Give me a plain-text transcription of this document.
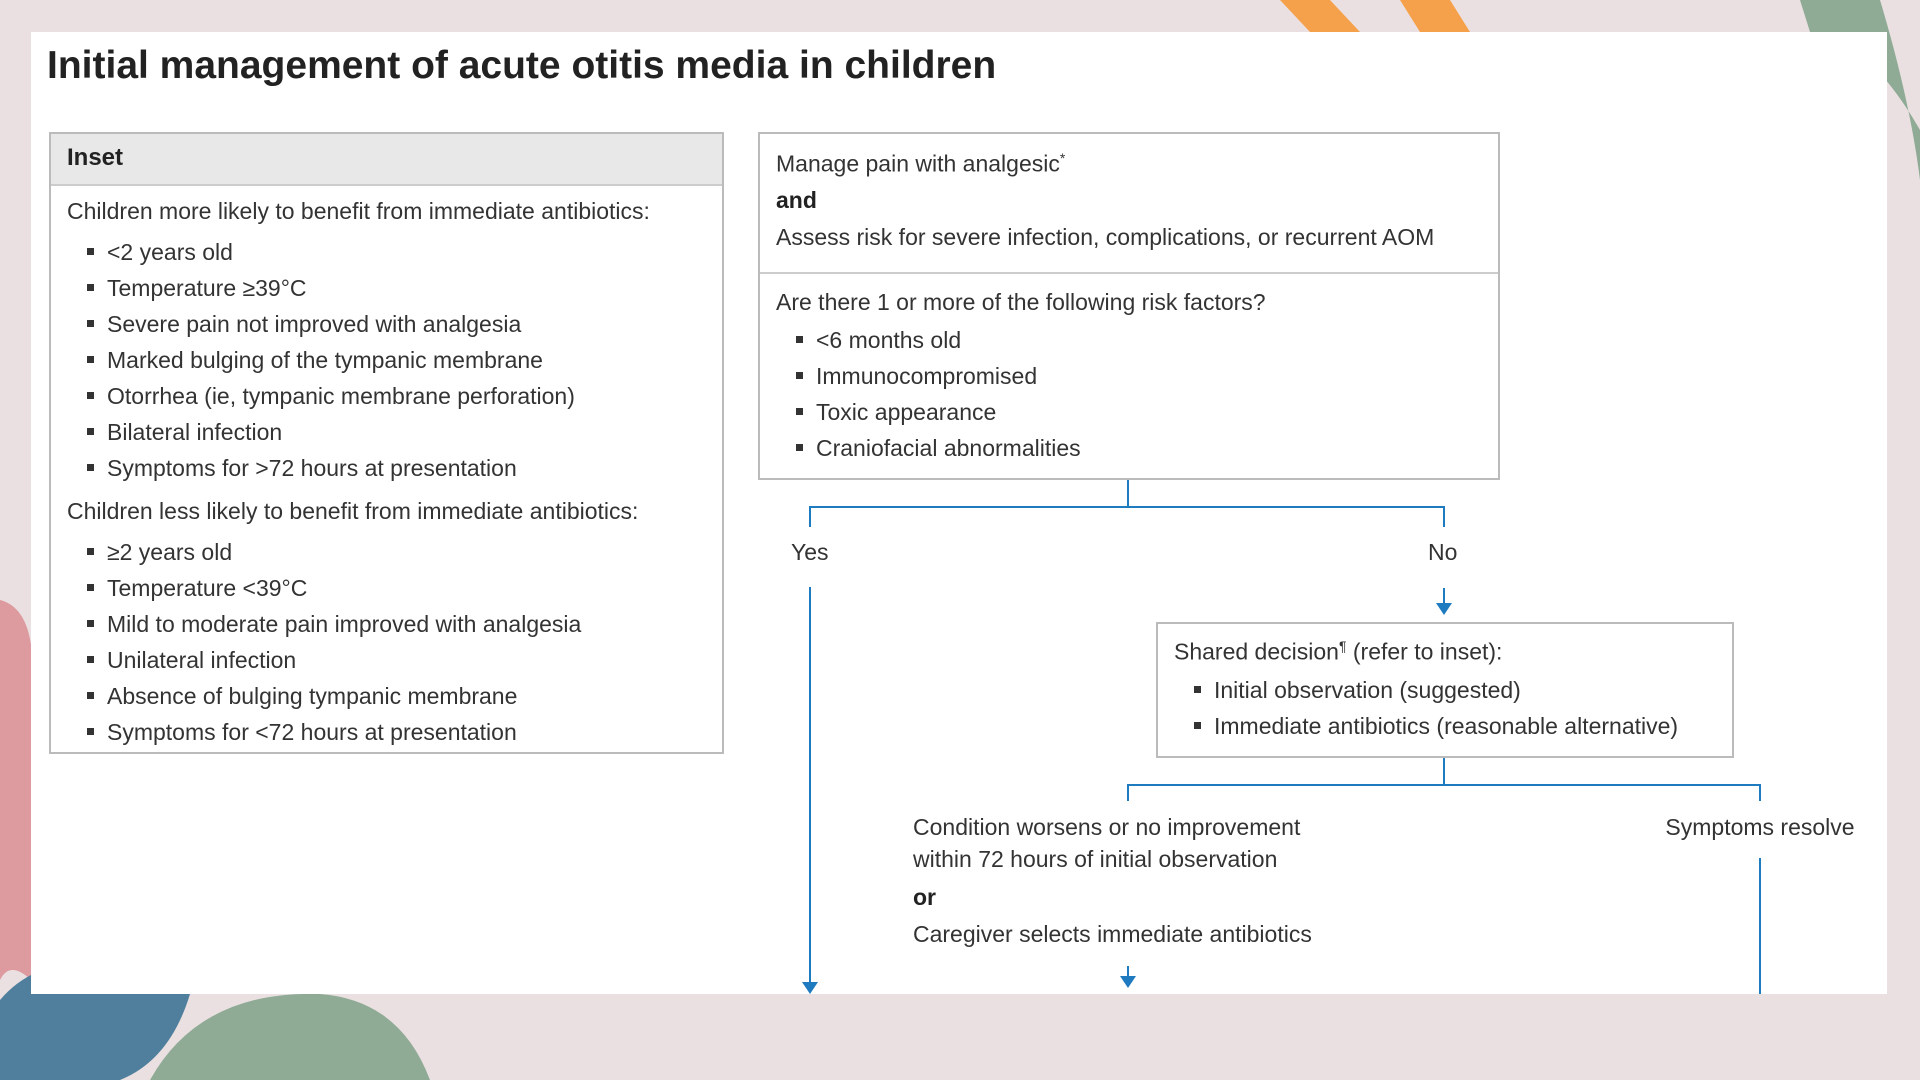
Initial management of acute otitis media in children
Inset
Children more likely to benefit from immediate antibiotics:
<2 years old
Temperature ≥39°C
Severe pain not improved with analgesia
Marked bulging of the tympanic membrane
Otorrhea (ie, tympanic membrane perforation)
Bilateral infection
Symptoms for >72 hours at presentation
Children less likely to benefit from immediate antibiotics:
≥2 years old
Temperature <39°C
Mild to moderate pain improved with analgesia
Unilateral infection
Absence of bulging tympanic membrane
Symptoms for <72 hours at presentation
Manage pain with analgesic*
and
Assess risk for severe infection, complications, or recurrent AOM
Are there 1 or more of the following risk factors?
<6 months old
Immunocompromised
Toxic appearance
Craniofacial abnormalities
Yes	No
Shared decision¶ (refer to inset):
Initial observation (suggested)
Immediate antibiotics (reasonable alternative)
Condition worsens or no improvement
within 72 hours of initial observation
or
Caregiver selects immediate antibiotics
Symptoms resolve
